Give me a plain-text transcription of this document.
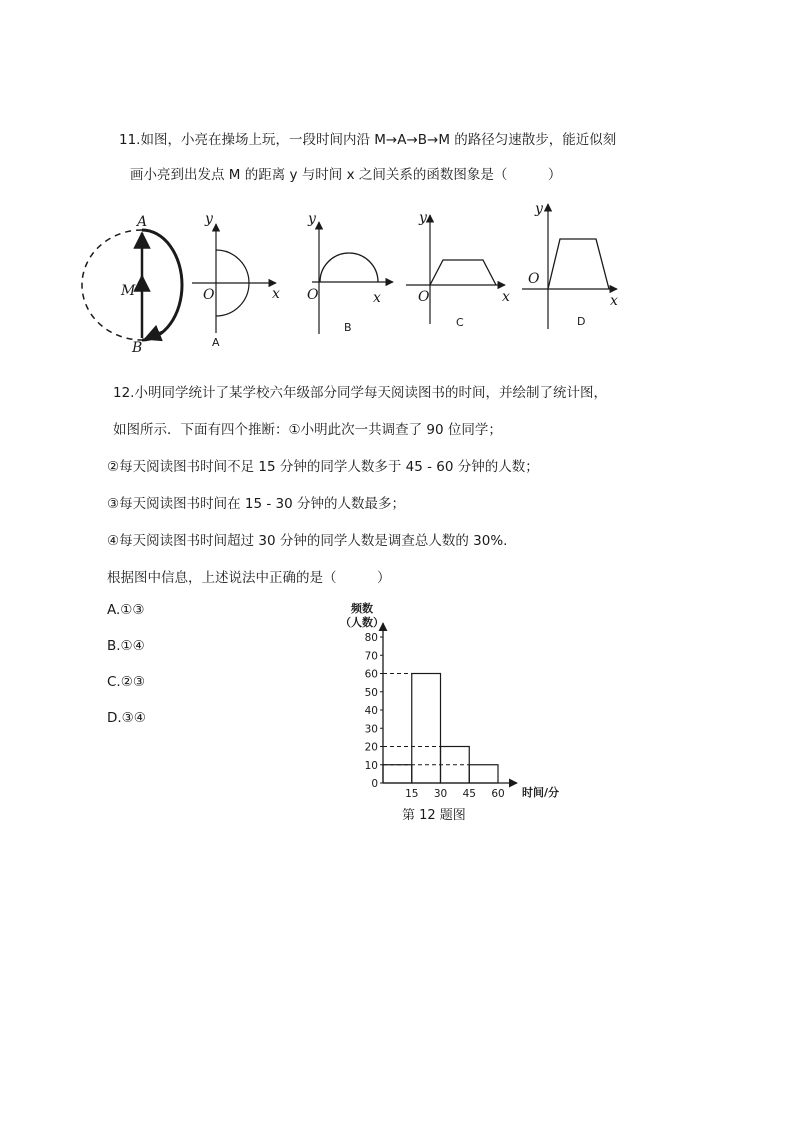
11.如图，小亮在操场上玩，一段时间内沿 M→A→B→M 的路径匀速散步，能近似刻
画小亮到出发点 M 的距离 y 与时间 x 之间关系的函数图象是（　　　）
A
M
B
y
x
O
A
y
x
O
B
y
x
O
C
y
x
O
D
12.小明同学统计了某学校六年级部分同学每天阅读图书的时间，并绘制了统计图，
如图所示．下面有四个推断：①小明此次一共调查了 90 位同学；
②每天阅读图书时间不足 15 分钟的同学人数多于 45 - 60 分钟的人数；
③每天阅读图书时间在 15 - 30 分钟的人数最多；
④每天阅读图书时间超过 30 分钟的同学人数是调查总人数的 30%.
根据图中信息，上述说法中正确的是（　　　）
A.①③
B.①④
C.②③
D.③④
频数
（人数）
时间/分
第 12 题图
0
10
20
30
40
50
60
70
80
15 30 45 60
